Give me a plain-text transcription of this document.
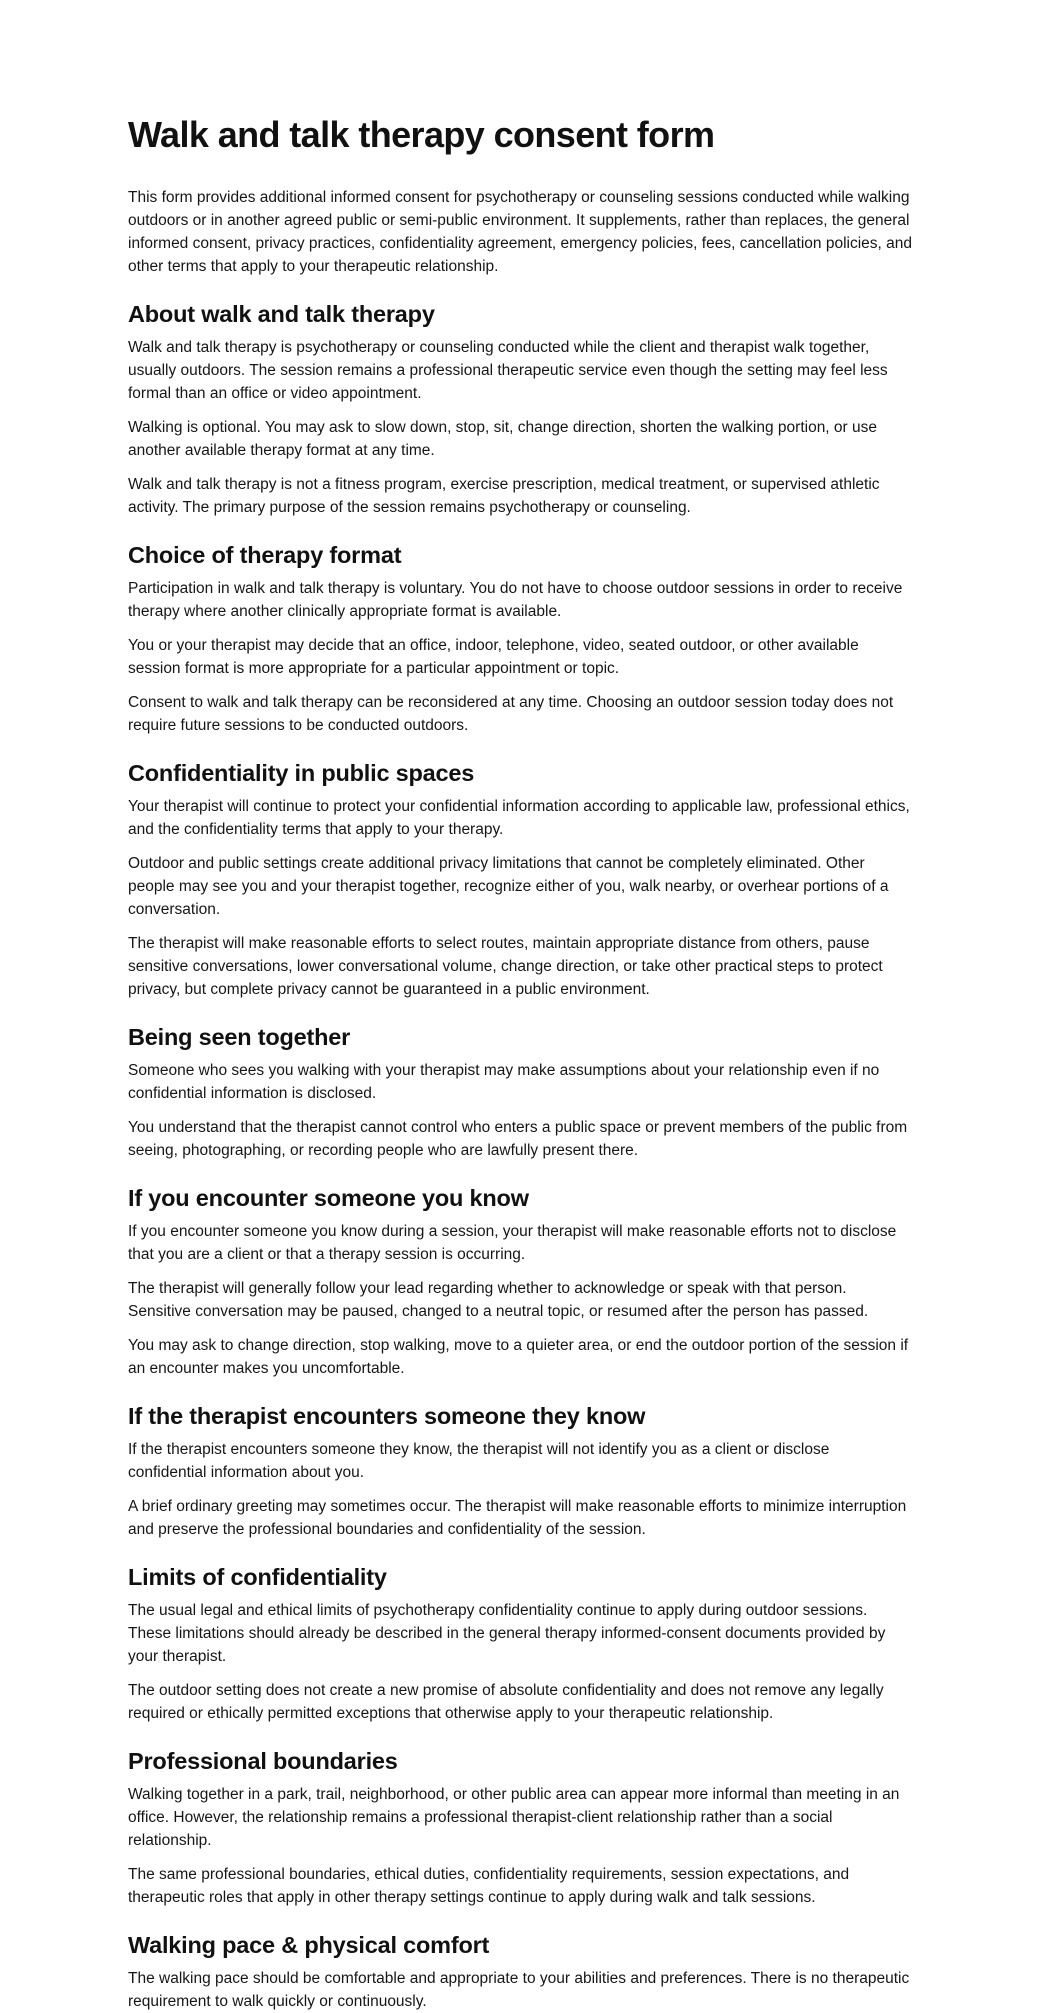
Walk and talk therapy consent form

This form provides additional informed consent for psychotherapy or counseling sessions conducted while walking outdoors or in another agreed public or semi-public environment. It supplements, rather than replaces, the general informed consent, privacy practices, confidentiality agreement, emergency policies, fees, cancellation policies, and other terms that apply to your therapeutic relationship.

About walk and talk therapy

Walk and talk therapy is psychotherapy or counseling conducted while the client and therapist walk together, usually outdoors. The session remains a professional therapeutic service even though the setting may feel less formal than an office or video appointment.

Walking is optional. You may ask to slow down, stop, sit, change direction, shorten the walking portion, or use another available therapy format at any time.

Walk and talk therapy is not a fitness program, exercise prescription, medical treatment, or supervised athletic activity. The primary purpose of the session remains psychotherapy or counseling.

Choice of therapy format

Participation in walk and talk therapy is voluntary. You do not have to choose outdoor sessions in order to receive therapy where another clinically appropriate format is available.

You or your therapist may decide that an office, indoor, telephone, video, seated outdoor, or other available session format is more appropriate for a particular appointment or topic.

Consent to walk and talk therapy can be reconsidered at any time. Choosing an outdoor session today does not require future sessions to be conducted outdoors.

Confidentiality in public spaces

Your therapist will continue to protect your confidential information according to applicable law, professional ethics, and the confidentiality terms that apply to your therapy.

Outdoor and public settings create additional privacy limitations that cannot be completely eliminated. Other people may see you and your therapist together, recognize either of you, walk nearby, or overhear portions of a conversation.

The therapist will make reasonable efforts to select routes, maintain appropriate distance from others, pause sensitive conversations, lower conversational volume, change direction, or take other practical steps to protect privacy, but complete privacy cannot be guaranteed in a public environment.

Being seen together

Someone who sees you walking with your therapist may make assumptions about your relationship even if no confidential information is disclosed.

You understand that the therapist cannot control who enters a public space or prevent members of the public from seeing, photographing, or recording people who are lawfully present there.

If you encounter someone you know

If you encounter someone you know during a session, your therapist will make reasonable efforts not to disclose that you are a client or that a therapy session is occurring.

The therapist will generally follow your lead regarding whether to acknowledge or speak with that person. Sensitive conversation may be paused, changed to a neutral topic, or resumed after the person has passed.

You may ask to change direction, stop walking, move to a quieter area, or end the outdoor portion of the session if an encounter makes you uncomfortable.

If the therapist encounters someone they know

If the therapist encounters someone they know, the therapist will not identify you as a client or disclose confidential information about you.

A brief ordinary greeting may sometimes occur. The therapist will make reasonable efforts to minimize interruption and preserve the professional boundaries and confidentiality of the session.

Limits of confidentiality

The usual legal and ethical limits of psychotherapy confidentiality continue to apply during outdoor sessions. These limitations should already be described in the general therapy informed-consent documents provided by your therapist.

The outdoor setting does not create a new promise of absolute confidentiality and does not remove any legally required or ethically permitted exceptions that otherwise apply to your therapeutic relationship.

Professional boundaries

Walking together in a park, trail, neighborhood, or other public area can appear more informal than meeting in an office. However, the relationship remains a professional therapist-client relationship rather than a social relationship.

The same professional boundaries, ethical duties, confidentiality requirements, session expectations, and therapeutic roles that apply in other therapy settings continue to apply during walk and talk sessions.

Walking pace & physical comfort

The walking pace should be comfortable and appropriate to your abilities and preferences. There is no therapeutic requirement to walk quickly or continuously.
